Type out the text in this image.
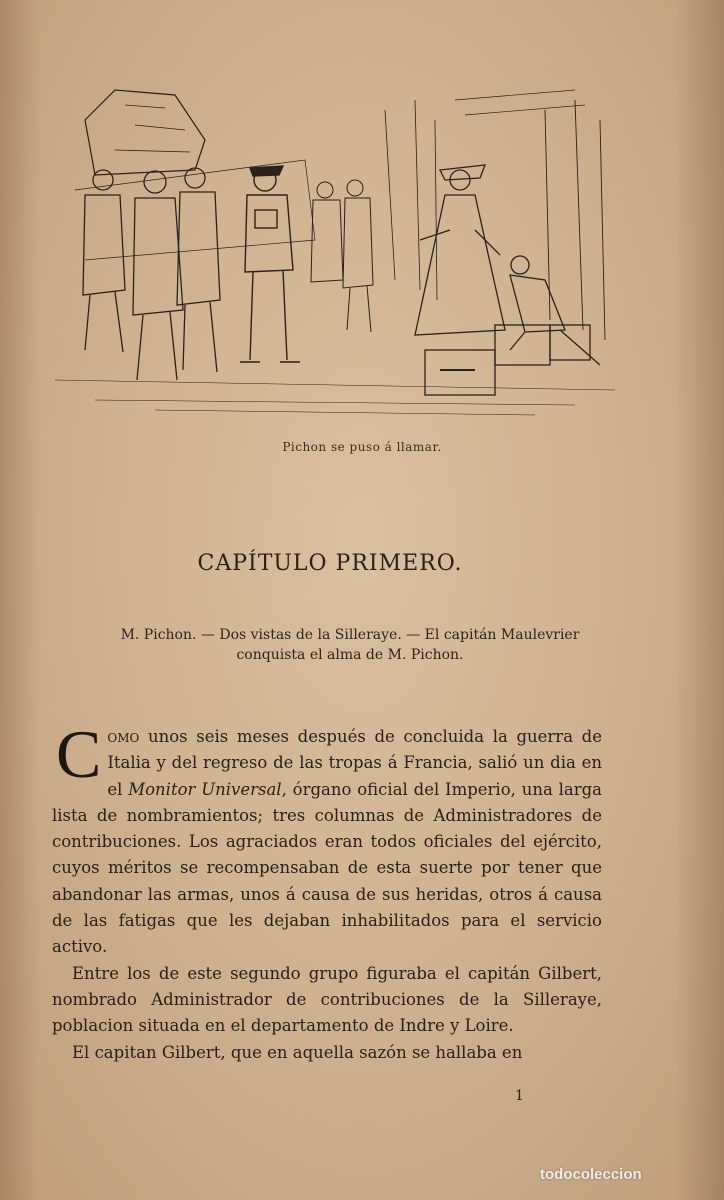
Pichon se puso á llamar.
CAPÍTULO PRIMERO.
M. Pichon. — Dos vistas de la Silleraye. — El capitán Maulevrier
conquista el alma de M. Pichon.

Como unos seis meses después de concluida la guerra de Italia y del regreso de las tropas á Francia, salió un dia en el Monitor Universal, órgano oficial del Imperio, una larga lista de nombramientos; tres columnas de Administradores de contribuciones. Los agraciados eran todos oficiales del ejército, cuyos méritos se recompensaban de esta suerte por tener que abandonar las armas, unos á causa de sus heridas, otros á causa de las fatigas que les dejaban inhabilitados para el servicio activo.

Entre los de este segundo grupo figuraba el capitán Gilbert, nombrado Administrador de contribuciones de la Silleraye, poblacion situada en el departamento de Indre y Loire.

El capitan Gilbert, que en aquella sazón se hallaba en

1
todocoleccion
